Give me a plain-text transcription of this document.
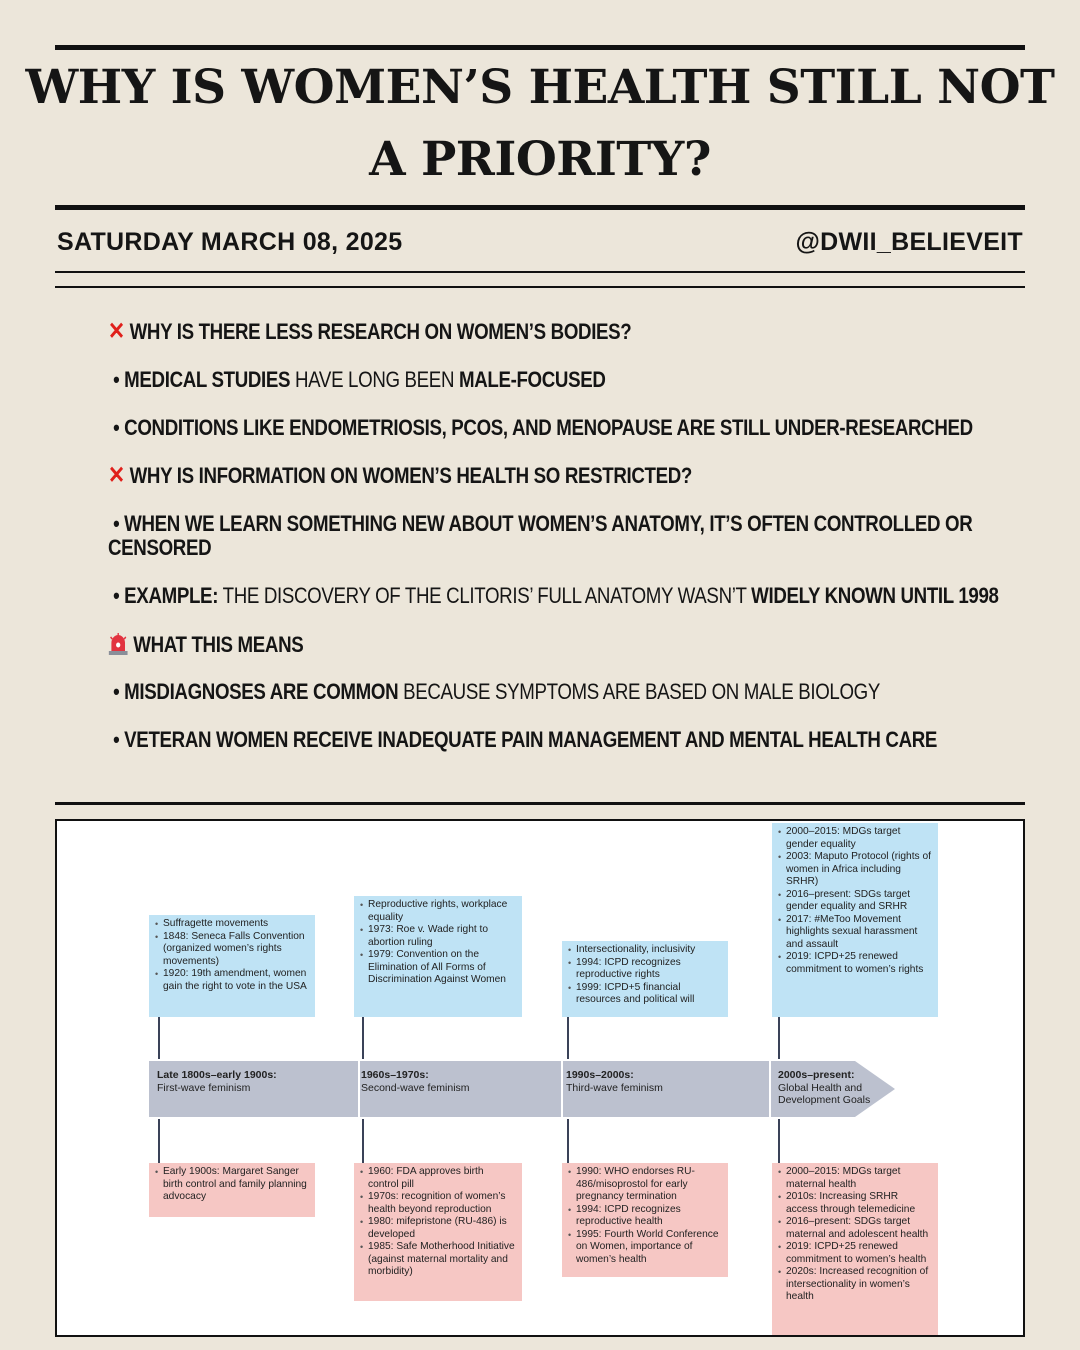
WHY IS WOMEN’S HEALTH STILL NOT A PRIORITY?
SATURDAY MARCH 08, 2025	@DWII_BELIEVEIT
✕ WHY IS THERE LESS RESEARCH ON WOMEN’S BODIES?
• MEDICAL STUDIES HAVE LONG BEEN MALE-FOCUSED
• CONDITIONS LIKE ENDOMETRIOSIS, PCOS, AND MENOPAUSE ARE STILL UNDER-RESEARCHED
✕ WHY IS INFORMATION ON WOMEN’S HEALTH SO RESTRICTED?
• WHEN WE LEARN SOMETHING NEW ABOUT WOMEN’S ANATOMY, IT’S OFTEN CONTROLLED OR
CENSORED
• EXAMPLE: THE DISCOVERY OF THE CLITORIS’ FULL ANATOMY WASN’T WIDELY KNOWN UNTIL 1998
WHAT THIS MEANS
• MISDIAGNOSES ARE COMMON BECAUSE SYMPTOMS ARE BASED ON MALE BIOLOGY
• VETERAN WOMEN RECEIVE INADEQUATE PAIN MANAGEMENT AND MENTAL HEALTH CARE
Late 1800s–early 1900s:
First-wave feminism
1960s–1970s:
Second-wave feminism
1990s–2000s:
Third-wave feminism
2000s–present:
Global Health and Development Goals
• Suffragette movements
• 1848: Seneca Falls Convention (organized women’s rights movements)
• 1920: 19th amendment, women gain the right to vote in the USA
• Reproductive rights, workplace equality
• 1973: Roe v. Wade right to abortion ruling
• 1979: Convention on the Elimination of All Forms of Discrimination Against Women
• Intersectionality, inclusivity
• 1994: ICPD recognizes reproductive rights
• 1999: ICPD+5 financial resources and political will
• 2000–2015: MDGs target gender equality
• 2003: Maputo Protocol (rights of women in Africa including SRHR)
• 2016–present: SDGs target gender equality and SRHR
• 2017: #MeToo Movement highlights sexual harassment and assault
• 2019: ICPD+25 renewed commitment to women’s rights
• Early 1900s: Margaret Sanger birth control and family planning advocacy
• 1960: FDA approves birth control pill
• 1970s: recognition of women’s health beyond reproduction
• 1980: mifepristone (RU-486) is developed
• 1985: Safe Motherhood Initiative (against maternal mortality and morbidity)
• 1990: WHO endorses RU-486/misoprostol for early pregnancy termination
• 1994: ICPD recognizes reproductive health
• 1995: Fourth World Conference on Women, importance of women’s health
• 2000–2015: MDGs target maternal health
• 2010s: Increasing SRHR access through telemedicine
• 2016–present: SDGs target maternal and adolescent health
• 2019: ICPD+25 renewed commitment to women’s health
• 2020s: Increased recognition of intersectionality in women’s health
